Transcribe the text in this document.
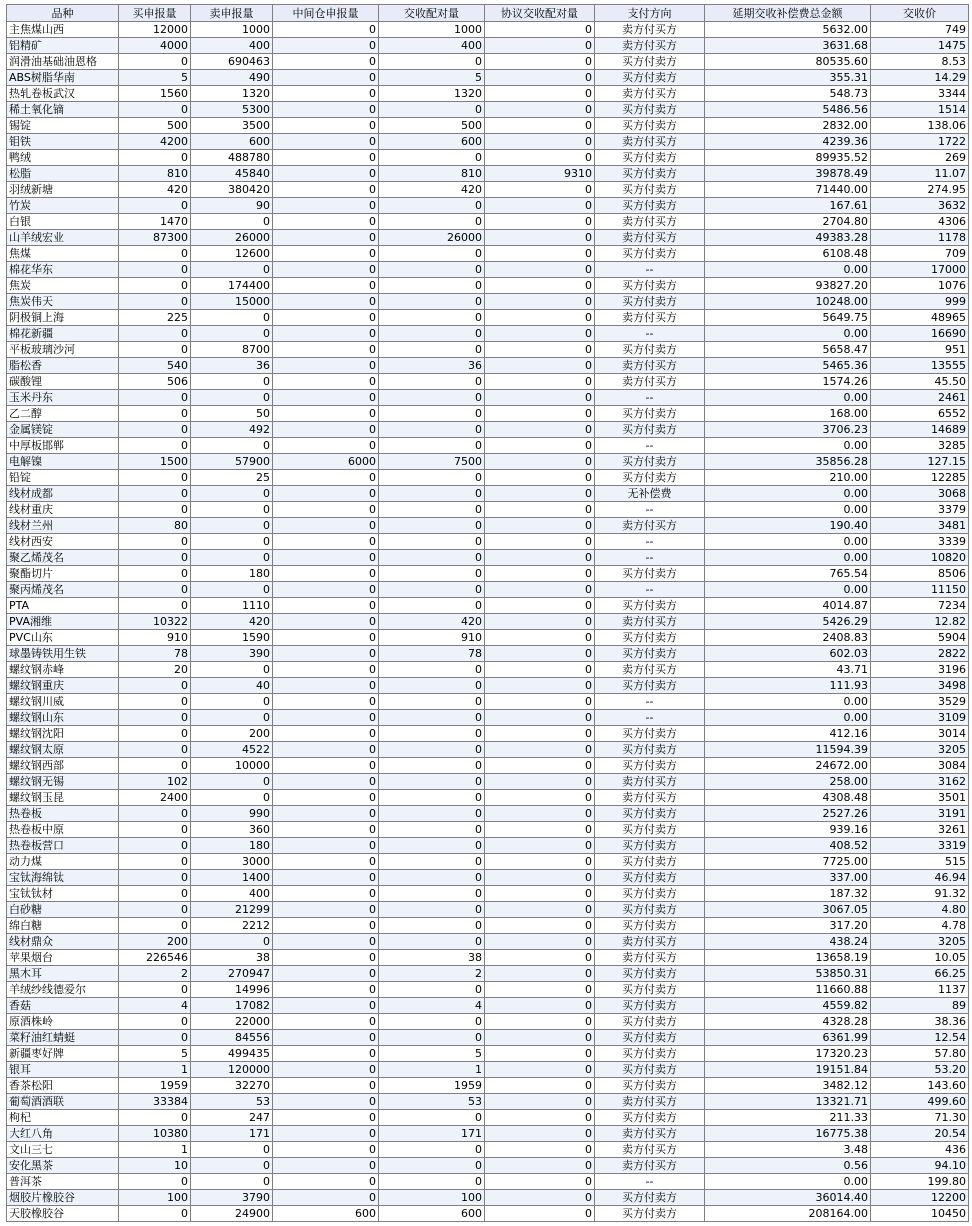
品种	买申报量	卖申报量	中间仓申报量	交收配对量	协议交收配对量	支付方向	延期交收补偿费总金额	交收价
主焦煤山西	12000	1000	0	1000	0	卖方付买方	5632.00	749
铝精矿	4000	400	0	400	0	卖方付买方	3631.68	1475
润滑油基础油恩格	0	690463	0	0	0	买方付卖方	80535.60	8.53
ABS树脂华南	5	490	0	5	0	买方付卖方	355.31	14.29
热轧卷板武汉	1560	1320	0	1320	0	卖方付买方	548.73	3344
稀土氧化镝	0	5300	0	0	0	买方付卖方	5486.56	1514
锡锭	500	3500	0	500	0	买方付卖方	2832.00	138.06
钼铁	4200	600	0	600	0	卖方付买方	4239.36	1722
鸭绒	0	488780	0	0	0	买方付卖方	89935.52	269
松脂	810	45840	0	810	9310	买方付卖方	39878.49	11.07
羽绒新塘	420	380420	0	420	0	买方付卖方	71440.00	274.95
竹炭	0	90	0	0	0	买方付卖方	167.61	3632
白银	1470	0	0	0	0	卖方付买方	2704.80	4306
山羊绒宏业	87300	26000	0	26000	0	卖方付买方	49383.28	1178
焦煤	0	12600	0	0	0	买方付卖方	6108.48	709
棉花华东	0	0	0	0	0	--	0.00	17000
焦炭	0	174400	0	0	0	买方付卖方	93827.20	1076
焦炭伟天	0	15000	0	0	0	买方付卖方	10248.00	999
阴极铜上海	225	0	0	0	0	卖方付买方	5649.75	48965
棉花新疆	0	0	0	0	0	--	0.00	16690
平板玻璃沙河	0	8700	0	0	0	买方付卖方	5658.47	951
脂松香	540	36	0	36	0	卖方付买方	5465.36	13555
碳酸锂	506	0	0	0	0	卖方付买方	1574.26	45.50
玉米丹东	0	0	0	0	0	--	0.00	2461
乙二醇	0	50	0	0	0	买方付卖方	168.00	6552
金属镁锭	0	492	0	0	0	买方付卖方	3706.23	14689
中厚板邯郸	0	0	0	0	0	--	0.00	3285
电解镍	1500	57900	6000	7500	0	买方付卖方	35856.28	127.15
铅锭	0	25	0	0	0	买方付卖方	210.00	12285
线材成都	0	0	0	0	0	无补偿费	0.00	3068
线材重庆	0	0	0	0	0	--	0.00	3379
线材兰州	80	0	0	0	0	卖方付买方	190.40	3481
线材西安	0	0	0	0	0	--	0.00	3339
聚乙烯茂名	0	0	0	0	0	--	0.00	10820
聚酯切片	0	180	0	0	0	买方付卖方	765.54	8506
聚丙烯茂名	0	0	0	0	0	--	0.00	11150
PTA	0	1110	0	0	0	买方付卖方	4014.87	7234
PVA湘维	10322	420	0	420	0	卖方付买方	5426.29	12.82
PVC山东	910	1590	0	910	0	买方付卖方	2408.83	5904
球墨铸铁用生铁	78	390	0	78	0	买方付卖方	602.03	2822
螺纹钢赤峰	20	0	0	0	0	卖方付买方	43.71	3196
螺纹钢重庆	0	40	0	0	0	买方付卖方	111.93	3498
螺纹钢川威	0	0	0	0	0	--	0.00	3529
螺纹钢山东	0	0	0	0	0	--	0.00	3109
螺纹钢沈阳	0	200	0	0	0	买方付卖方	412.16	3014
螺纹钢太原	0	4522	0	0	0	买方付卖方	11594.39	3205
螺纹钢西部	0	10000	0	0	0	买方付卖方	24672.00	3084
螺纹钢无锡	102	0	0	0	0	卖方付买方	258.00	3162
螺纹钢玉昆	2400	0	0	0	0	卖方付买方	4308.48	3501
热卷板	0	990	0	0	0	买方付卖方	2527.26	3191
热卷板中原	0	360	0	0	0	买方付卖方	939.16	3261
热卷板营口	0	180	0	0	0	买方付卖方	408.52	3319
动力煤	0	3000	0	0	0	买方付卖方	7725.00	515
宝钛海绵钛	0	1400	0	0	0	买方付卖方	337.00	46.94
宝钛钛材	0	400	0	0	0	买方付卖方	187.32	91.32
白砂糖	0	21299	0	0	0	买方付卖方	3067.05	4.80
绵白糖	0	2212	0	0	0	买方付卖方	317.20	4.78
线材鼎众	200	0	0	0	0	卖方付买方	438.24	3205
苹果烟台	226546	38	0	38	0	卖方付买方	13658.19	10.05
黑木耳	2	270947	0	2	0	买方付卖方	53850.31	66.25
羊绒纱线德爱尔	0	14996	0	0	0	买方付卖方	11660.88	1137
香菇	4	17082	0	4	0	买方付卖方	4559.82	89
原酒株岭	0	22000	0	0	0	买方付卖方	4328.28	38.36
菜籽油红蜻蜓	0	84556	0	0	0	买方付卖方	6361.99	12.54
新疆枣好牌	5	499435	0	5	0	买方付卖方	17320.23	57.80
银耳	1	120000	0	1	0	买方付卖方	19151.84	53.20
香茶松阳	1959	32270	0	1959	0	买方付卖方	3482.12	143.60
葡萄酒酒联	33384	53	0	53	0	卖方付买方	13321.71	499.60
枸杞	0	247	0	0	0	买方付卖方	211.33	71.30
大红八角	10380	171	0	171	0	卖方付买方	16775.38	20.54
文山三七	1	0	0	0	0	卖方付买方	3.48	436
安化黑茶	10	0	0	0	0	卖方付买方	0.56	94.10
普洱茶	0	0	0	0	0	--	0.00	199.80
烟胶片橡胶谷	100	3790	0	100	0	买方付卖方	36014.40	12200
天胶橡胶谷	0	24900	600	600	0	买方付卖方	208164.00	10450
